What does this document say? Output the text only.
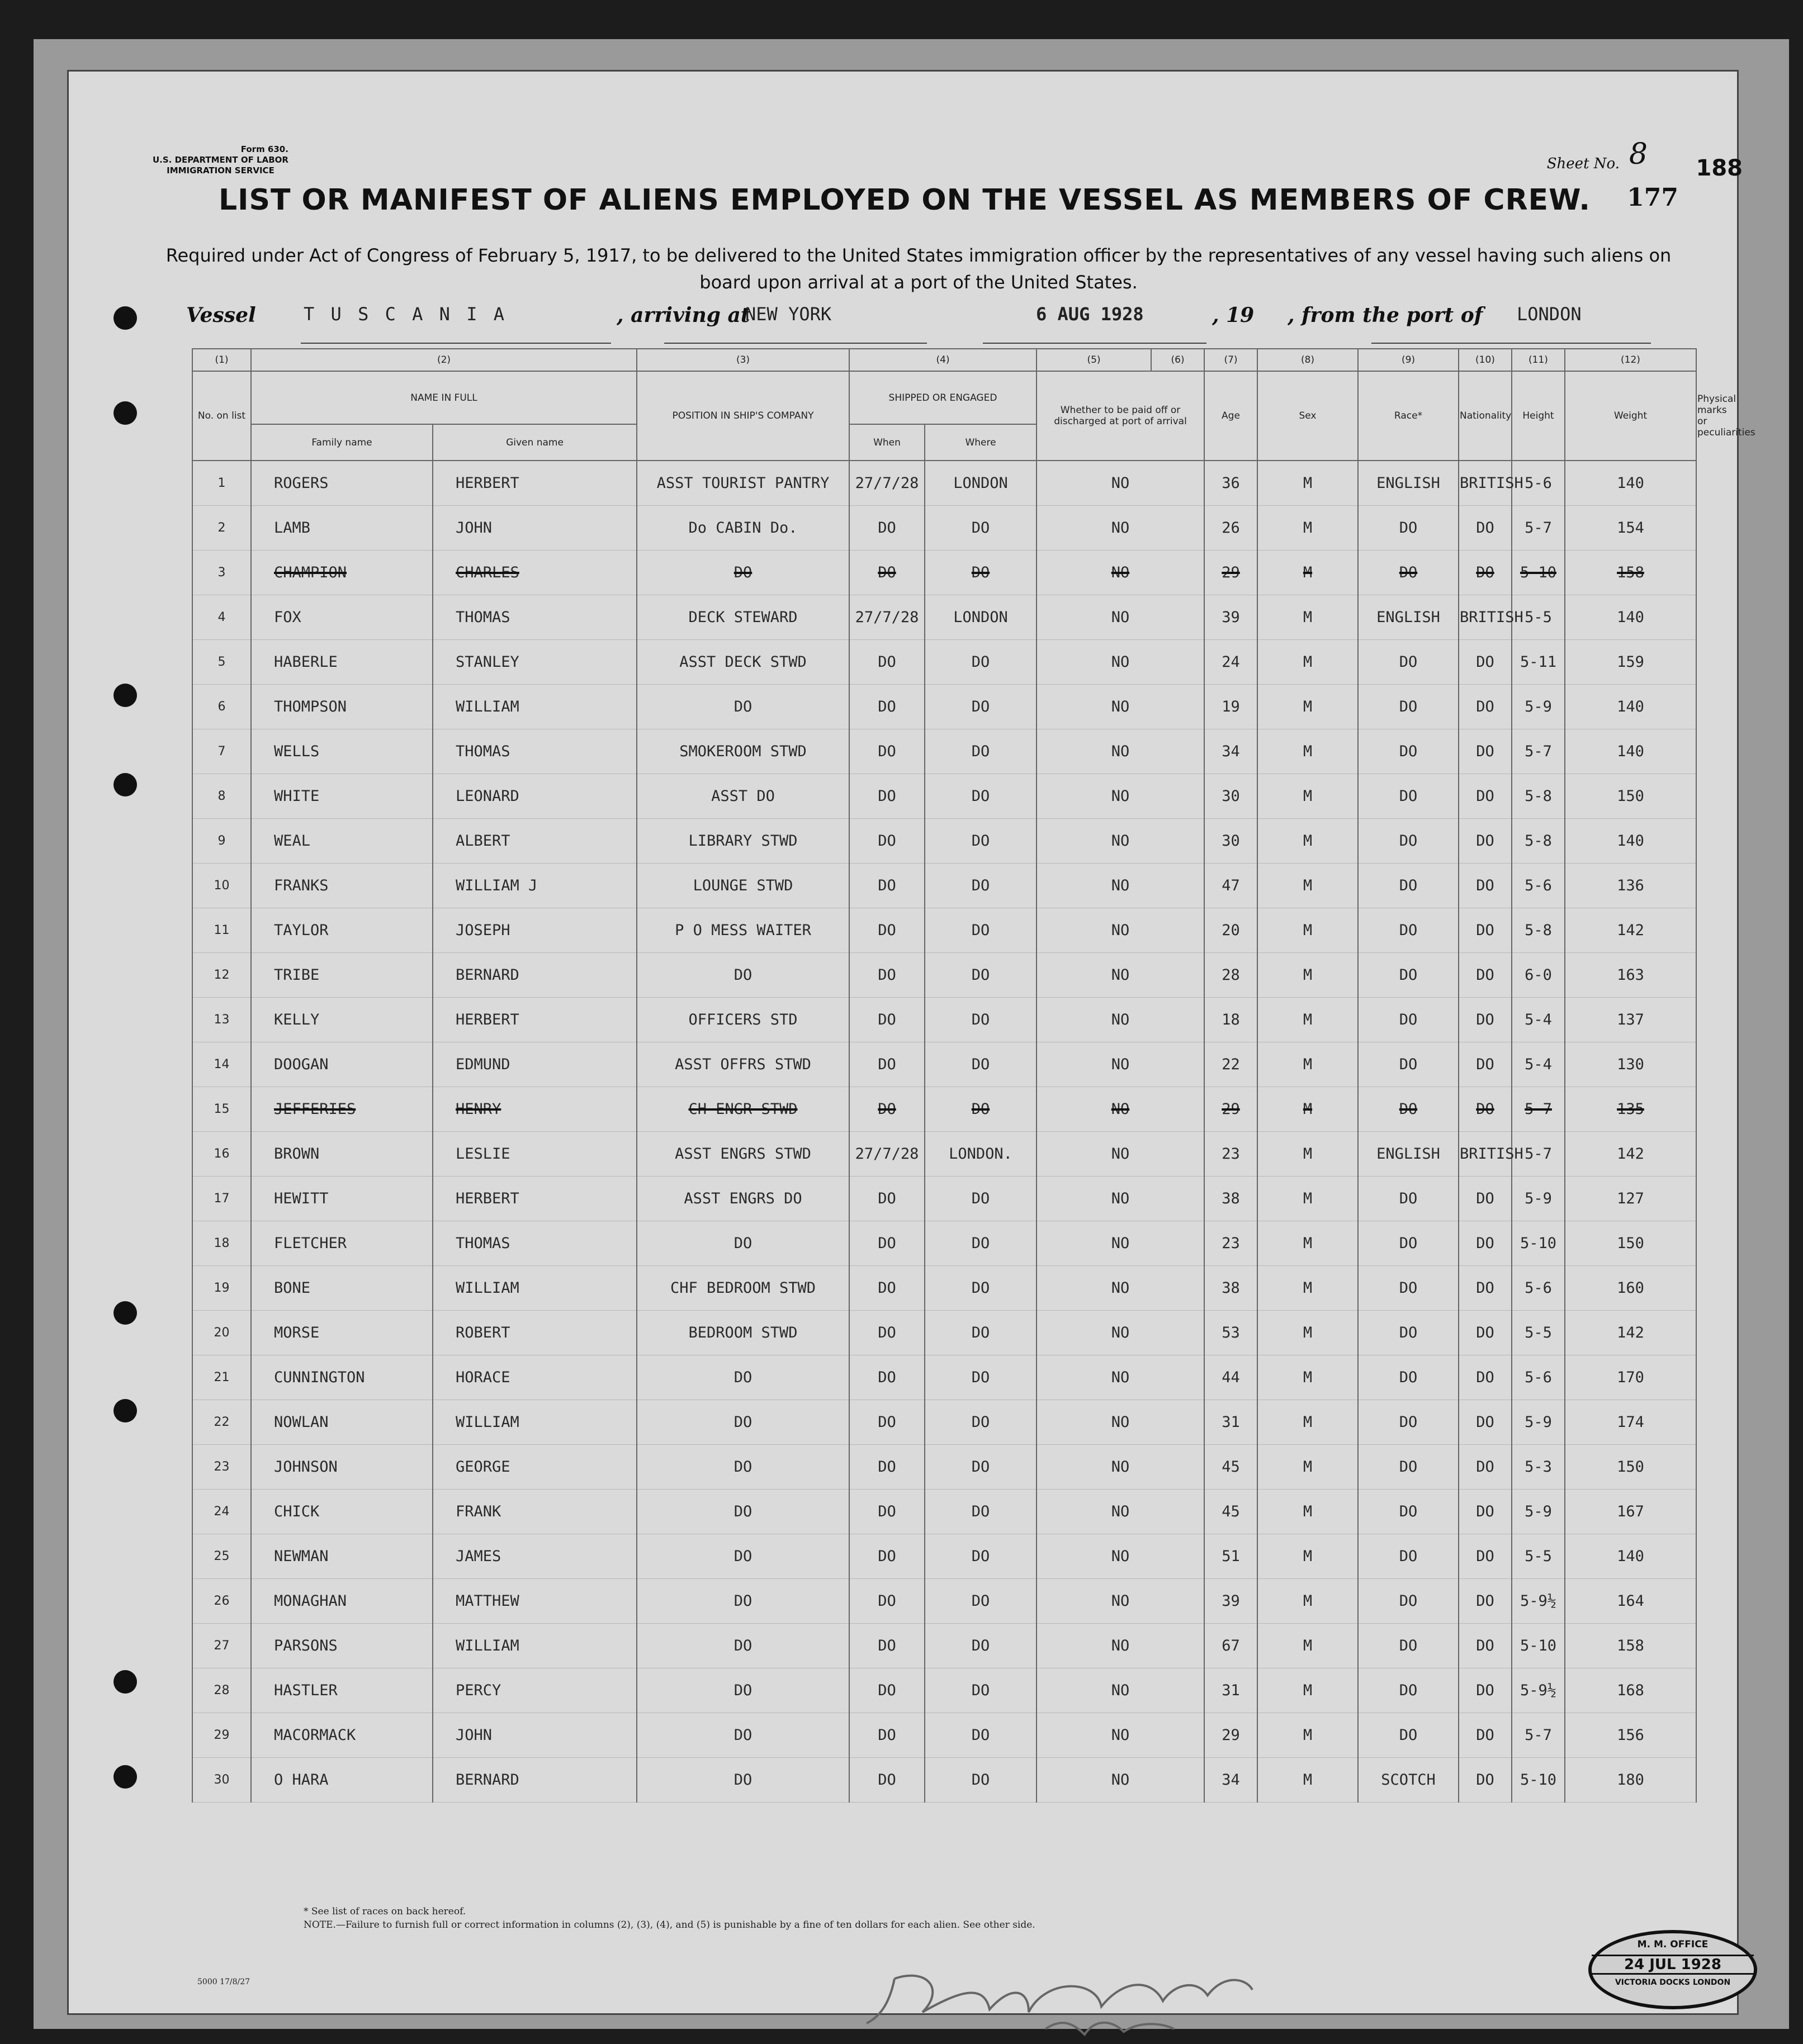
Form 630.
U.S. DEPARTMENT OF LABOR
IMMIGRATION SERVICE	Sheet No. 8 188
177
LIST OR MANIFEST OF ALIENS EMPLOYED ON THE VESSEL AS MEMBERS OF CREW.
Required under Act of Congress of February 5, 1917, to be delivered to the United States immigration officer by the representatives of any vessel having such aliens on board upon arrival at a port of the United States.
Vessel	T U S C A N I A	, arriving at
NEW YORK	6 AUG 1928	, 19 , from the port of LONDON
(1)	(2)		(3)	(4)		(5)	(6)	(7)	(8)	(9)	(10)	(11)	(12)	
No. on list	NAME IN FULL		POSITION IN SHIP'S COMPANY	SHIPPED OR ENGAGED		Whether to be paid off or discharged at port of arrival		Age	Sex	Race*	Nationality	Height	Weight	Physical marks or peculiarities
	Family name	Given name		When	Where									
1	ROGERS	HERBERT	ASST TOURIST PANTRY	27/7/28	LONDON	NO		36	M	ENGLISH	BRITISH	5-6	140	
2	LAMB	JOHN	Do CABIN Do.	DO	DO	NO		26	M	DO	DO	5-7	154	
3	CHAMPION	CHARLES	DO	DO	DO	NO		29	M	DO	DO	5-10	158	
4	FOX	THOMAS	DECK STEWARD	27/7/28	LONDON	NO		39	M	ENGLISH	BRITISH	5-5	140	
5	HABERLE	STANLEY	ASST DECK STWD	DO	DO	NO		24	M	DO	DO	5-11	159	
6	THOMPSON	WILLIAM	DO	DO	DO	NO		19	M	DO	DO	5-9	140	
7	WELLS	THOMAS	SMOKEROOM STWD	DO	DO	NO		34	M	DO	DO	5-7	140	
8	WHITE	LEONARD	ASST DO	DO	DO	NO		30	M	DO	DO	5-8	150	
9	WEAL	ALBERT	LIBRARY STWD	DO	DO	NO		30	M	DO	DO	5-8	140	
10	FRANKS	WILLIAM J	LOUNGE STWD	DO	DO	NO		47	M	DO	DO	5-6	136	
11	TAYLOR	JOSEPH	P O MESS WAITER	DO	DO	NO		20	M	DO	DO	5-8	142	
12	TRIBE	BERNARD	DO	DO	DO	NO		28	M	DO	DO	6-0	163	
13	KELLY	HERBERT	OFFICERS STD	DO	DO	NO		18	M	DO	DO	5-4	137	
14	DOOGAN	EDMUND	ASST OFFRS STWD	DO	DO	NO		22	M	DO	DO	5-4	130	
15	JEFFERIES	HENRY	CH ENGR STWD	DO	DO	NO		29	M	DO	DO	5-7	135	
16	BROWN	LESLIE	ASST ENGRS STWD	27/7/28	LONDON.	NO		23	M	ENGLISH	BRITISH	5-7	142	
17	HEWITT	HERBERT	ASST ENGRS DO	DO	DO	NO		38	M	DO	DO	5-9	127	
18	FLETCHER	THOMAS	DO	DO	DO	NO		23	M	DO	DO	5-10	150	
19	BONE	WILLIAM	CHF BEDROOM STWD	DO	DO	NO		38	M	DO	DO	5-6	160	
20	MORSE	ROBERT	BEDROOM STWD	DO	DO	NO		53	M	DO	DO	5-5	142	
21	CUNNINGTON	HORACE	DO	DO	DO	NO		44	M	DO	DO	5-6	170	
22	NOWLAN	WILLIAM	DO	DO	DO	NO		31	M	DO	DO	5-9	174	
23	JOHNSON	GEORGE	DO	DO	DO	NO		45	M	DO	DO	5-3	150	
24	CHICK	FRANK	DO	DO	DO	NO		45	M	DO	DO	5-9	167	
25	NEWMAN	JAMES	DO	DO	DO	NO		51	M	DO	DO	5-5	140	
26	MONAGHAN	MATTHEW	DO	DO	DO	NO		39	M	DO	DO	5-9½	164	
27	PARSONS	WILLIAM	DO	DO	DO	NO		67	M	DO	DO	5-10	158	
28	HASTLER	PERCY	DO	DO	DO	NO		31	M	DO	DO	5-9½	168	
29	MACORMACK	JOHN	DO	DO	DO	NO		29	M	DO	DO	5-7	156	
30	O HARA	BERNARD	DO	DO	DO	NO		34	M	SCOTCH	DO	5-10	180	
* See list of races on back hereof.
NOTE.—Failure to furnish full or correct information in columns (2), (3), (4), and (5) is punishable by a fine of ten dollars for each alien. See other side.
5000 17/8/27
M. M. OFFICE
24 JUL 1928
VICTORIA DOCKS LONDON
